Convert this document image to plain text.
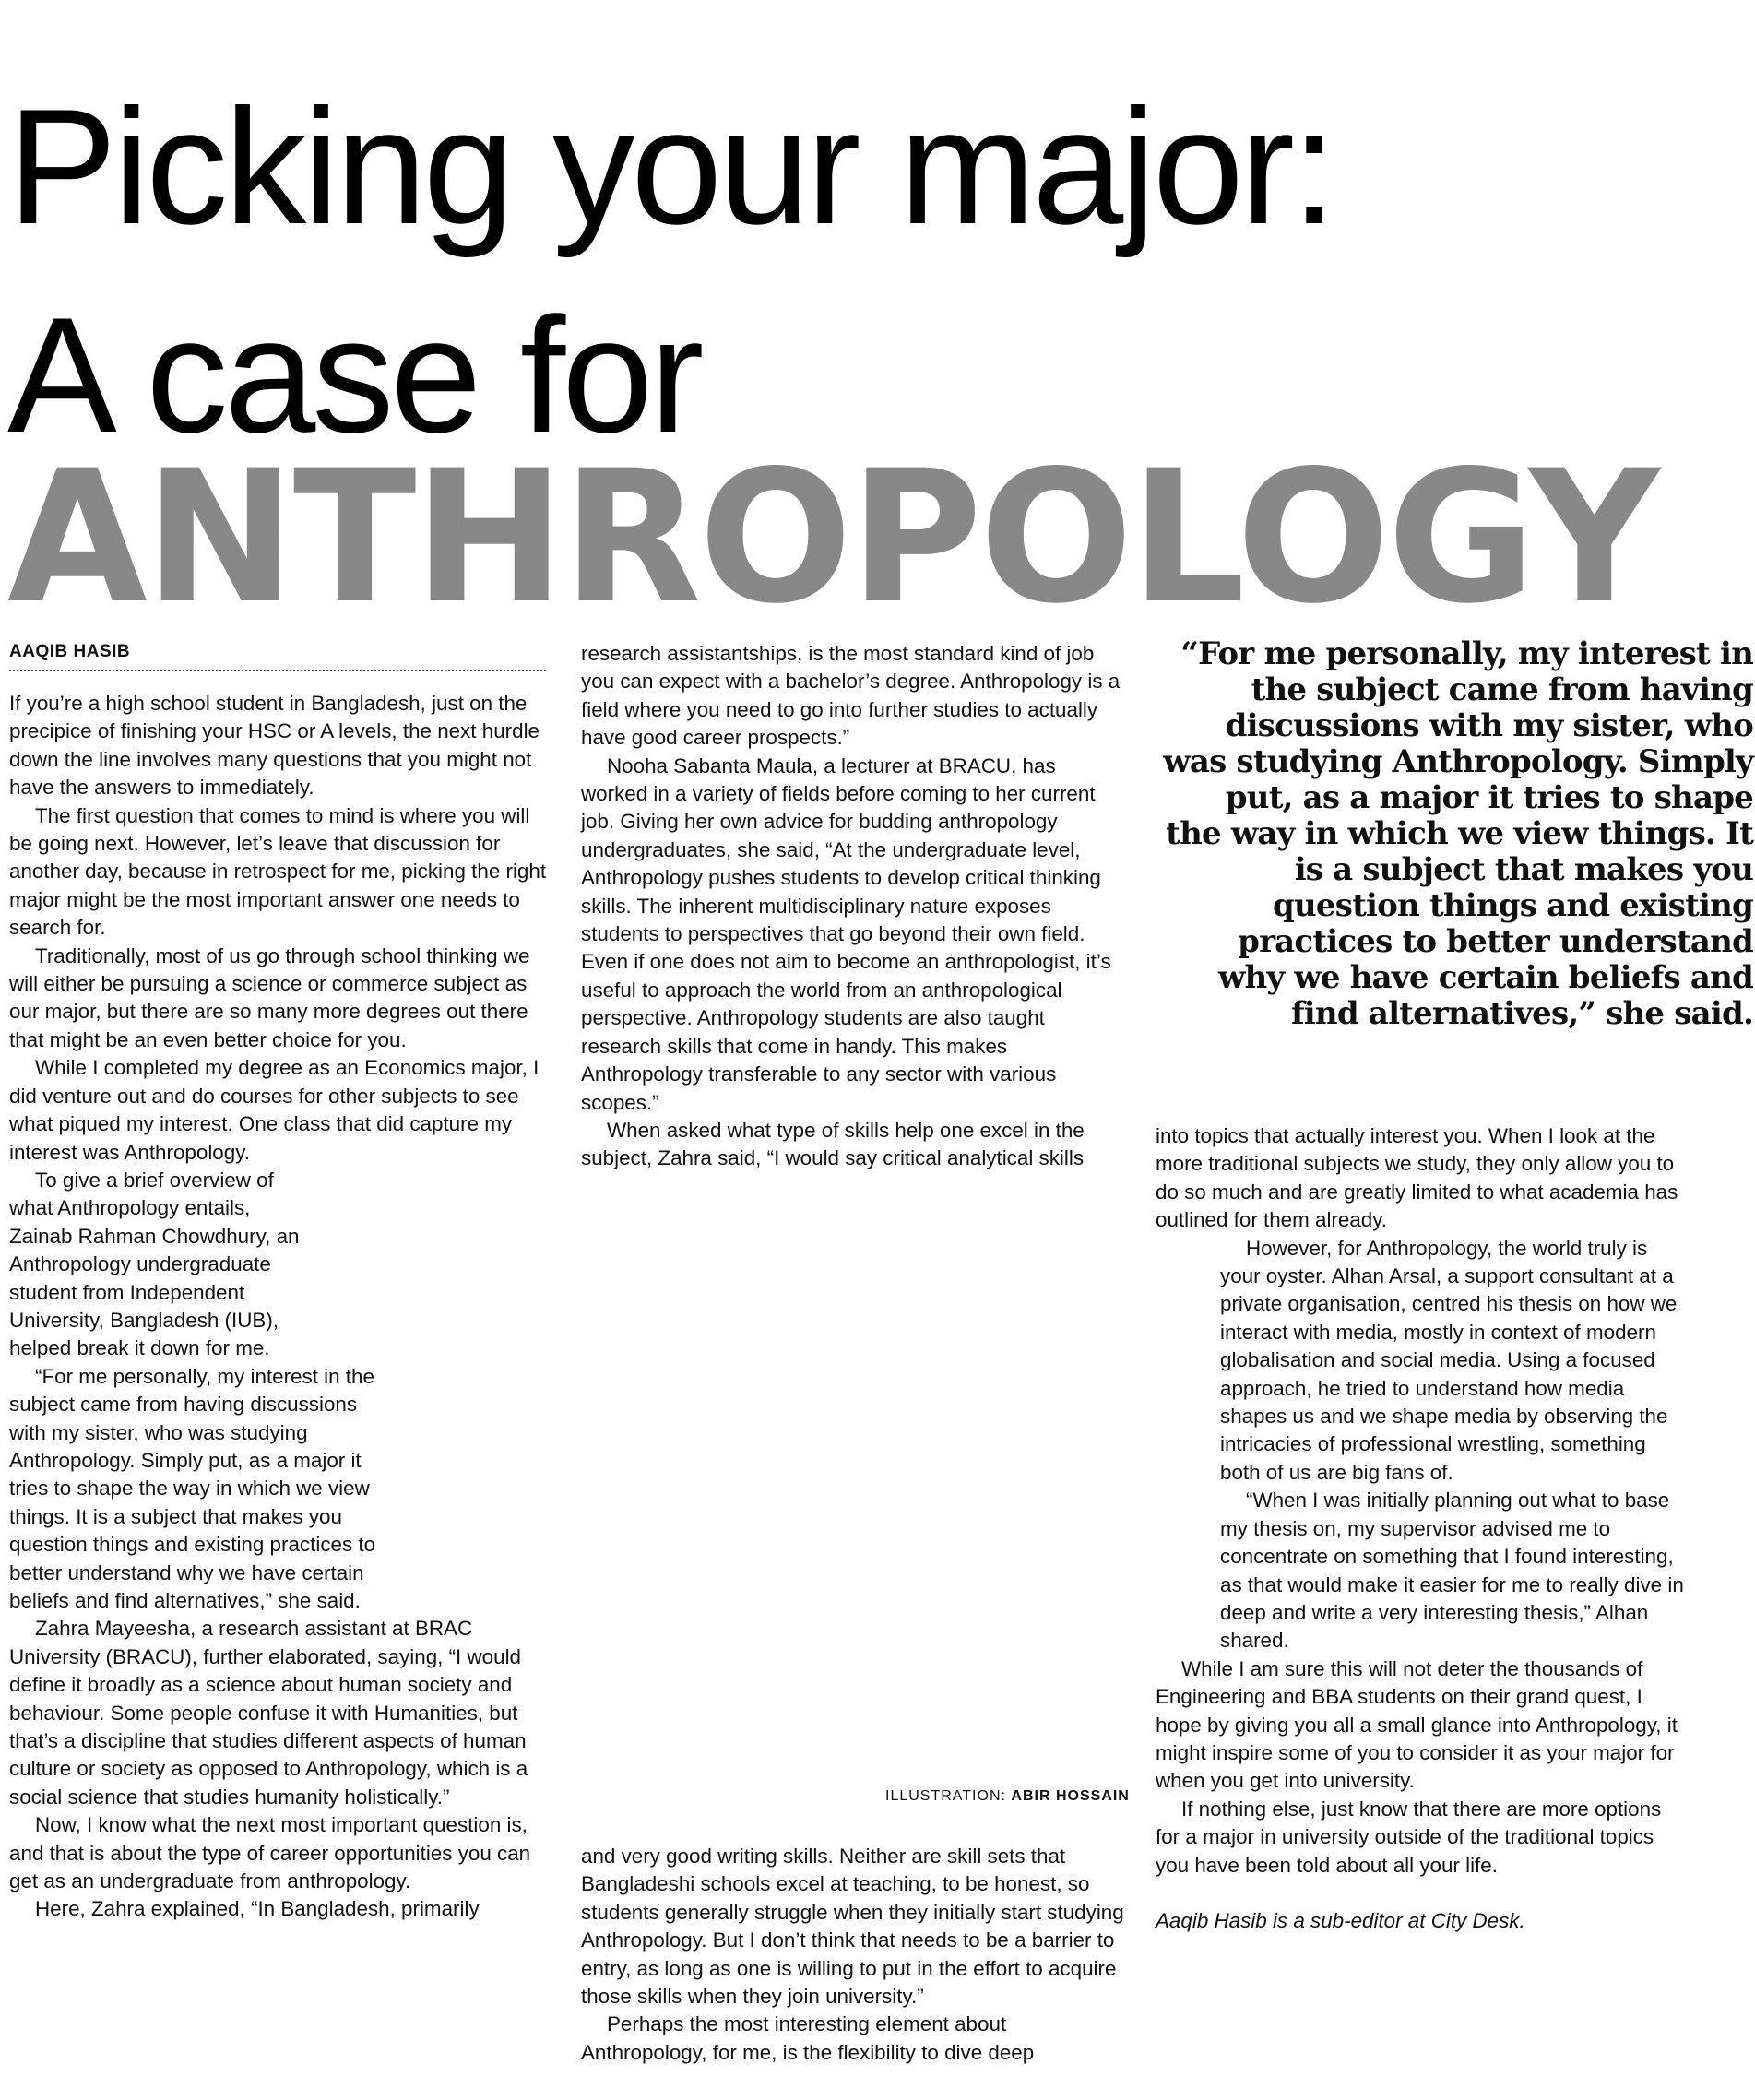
Picking your major:
A case for
ANTHROPOLOGY
AAQIB HASIB

If you’re a high school student in Bangladesh, just on the precipice of finishing your HSC or A levels, the next hurdle down the line involves many questions that you might not have the answers to immediately.

The first question that comes to mind is where you will be going next. However, let’s leave that discussion for another day, because in retrospect for me, picking the right major might be the most important answer one needs to search for.

Traditionally, most of us go through school thinking we will either be pursuing a science or commerce subject as our major, but there are so many more degrees out there that might be an even better choice for you.

While I completed my degree as an Economics major, I did venture out and do courses for other subjects to see what piqued my interest. One class that did capture my interest was Anthropology.

To give a brief overview of what Anthropology entails, Zainab Rahman Chowdhury, an Anthropology undergraduate student from Independent University, Bangladesh (IUB), helped break it down for me.

“For me personally, my interest in the subject came from having discussions with my sister, who was studying Anthropology. Simply put, as a major it tries to shape the way in which we view things. It is a subject that makes you question things and existing practices to better understand why we have certain beliefs and find alternatives,” she said.

Zahra Mayeesha, a research assistant at BRAC University (BRACU), further elaborated, saying, “I would define it broadly as a science about human society and behaviour. Some people confuse it with Humanities, but that’s a discipline that studies different aspects of human culture or society as opposed to Anthropology, which is a social science that studies humanity holistically.”

Now, I know what the next most important question is, and that is about the type of career opportunities you can get as an undergraduate from anthropology.

Here, Zahra explained, “In Bangladesh, primarily

research assistantships, is the most standard kind of job you can expect with a bachelor’s degree. Anthropology is a field where you need to go into further studies to actually have good career prospects.”

Nooha Sabanta Maula, a lecturer at BRACU, has worked in a variety of fields before coming to her current job. Giving her own advice for budding anthropology undergraduates, she said, “At the undergraduate level, Anthropology pushes students to develop critical thinking skills. The inherent multidisciplinary nature exposes students to perspectives that go beyond their own field. Even if one does not aim to become an anthropologist, it’s useful to approach the world from an anthropological perspective. Anthropology students are also taught research skills that come in handy. This makes Anthropology transferable to any sector with various scopes.”

When asked what type of skills help one excel in the subject, Zahra said, “I would say critical analytical skills

and very good writing skills. Neither are skill sets that Bangladeshi schools excel at teaching, to be honest, so students generally struggle when they initially start studying Anthropology. But I don’t think that needs to be a barrier to entry, as long as one is willing to put in the effort to acquire those skills when they join university.”

Perhaps the most interesting element about Anthropology, for me, is the flexibility to dive deep

“For me personally, my interest in the subject came from having discussions with my sister, who was studying Anthropology. Simply put, as a major it tries to shape the way in which we view things. It is a subject that makes you question things and existing practices to better understand why we have certain beliefs and find alternatives,” she said.
ILLUSTRATION: ABIR HOSSAIN

into topics that actually interest you. When I look at the more traditional subjects we study, they only allow you to do so much and are greatly limited to what academia has outlined for them already.

However, for Anthropology, the world truly is your oyster. Alhan Arsal, a support consultant at a private organisation, centred his thesis on how we interact with media, mostly in context of modern globalisation and social media. Using a focused approach, he tried to understand how media shapes us and we shape media by observing the intricacies of professional wrestling, something both of us are big fans of.

“When I was initially planning out what to base my thesis on, my supervisor advised me to concentrate on something that I found interesting, as that would make it easier for me to really dive in deep and write a very interesting thesis,” Alhan shared.

While I am sure this will not deter the thousands of Engineering and BBA students on their grand quest, I hope by giving you all a small glance into Anthropology, it might inspire some of you to consider it as your major for when you get into university.

If nothing else, just know that there are more options for a major in university outside of the traditional topics you have been told about all your life.

Aaqib Hasib is a sub-editor at City Desk.
